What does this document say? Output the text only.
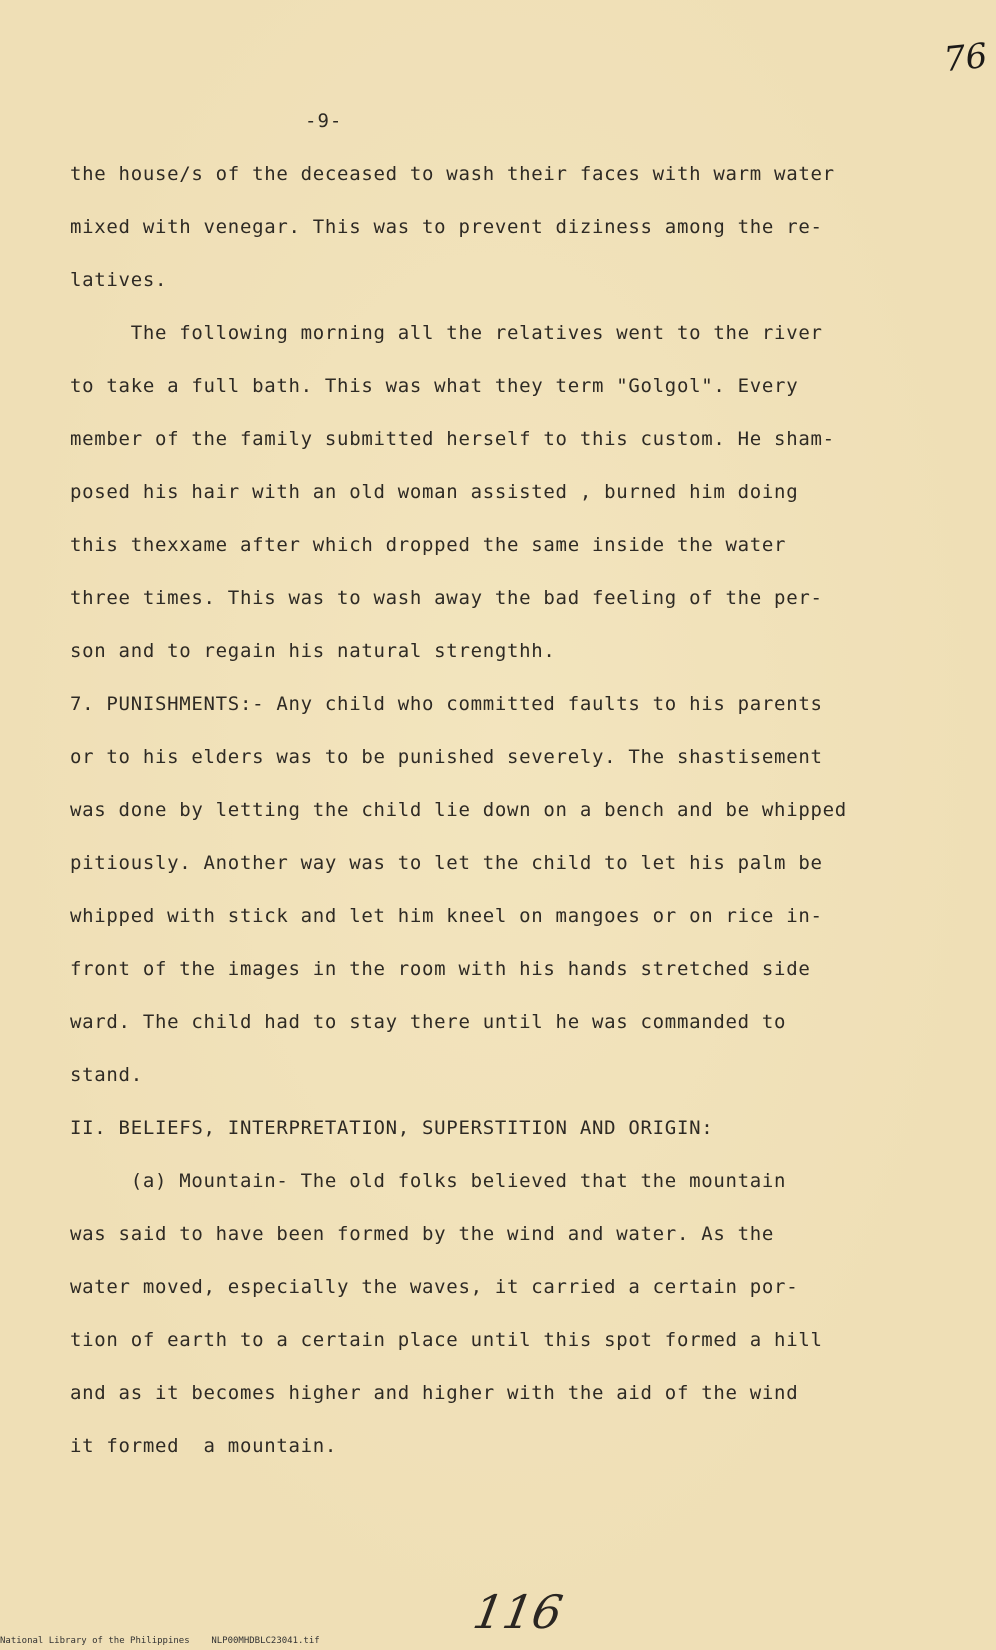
76
-9-
the house/s of the deceased to wash their faces with warm water
mixed with venegar. This was to prevent diziness among the re-
latives.
The following morning all the relatives went to the river
to take a full bath. This was what they term "Golgol". Every
member of the family submitted herself to this custom. He sham-
posed his hair with an old woman assisted , burned him doing
this thexxame after which dropped the same inside the water
three times. This was to wash away the bad feeling of the per-
son and to regain his natural strengthh.
7. PUNISHMENTS:- Any child who committed faults to his parents
or to his elders was to be punished severely. The shastisement
was done by letting the child lie down on a bench and be whipped
pitiously. Another way was to let the child to let his palm be
whipped with stick and let him kneel on mangoes or on rice in-
front of the images in the room with his hands stretched side
ward. The child had to stay there until he was commanded to
stand.
II. BELIEFS, INTERPRETATION, SUPERSTITION AND ORIGIN:
(a) Mountain- The old folks believed that the mountain
was said to have been formed by the wind and water. As the
water moved, especially the waves, it carried a certain por-
tion of earth to a certain place until this spot formed a hill
and as it becomes higher and higher with the aid of the wind
it formed  a mountain.
116
National Library of the Philippines    NLP00MHDBLC23041.tif
